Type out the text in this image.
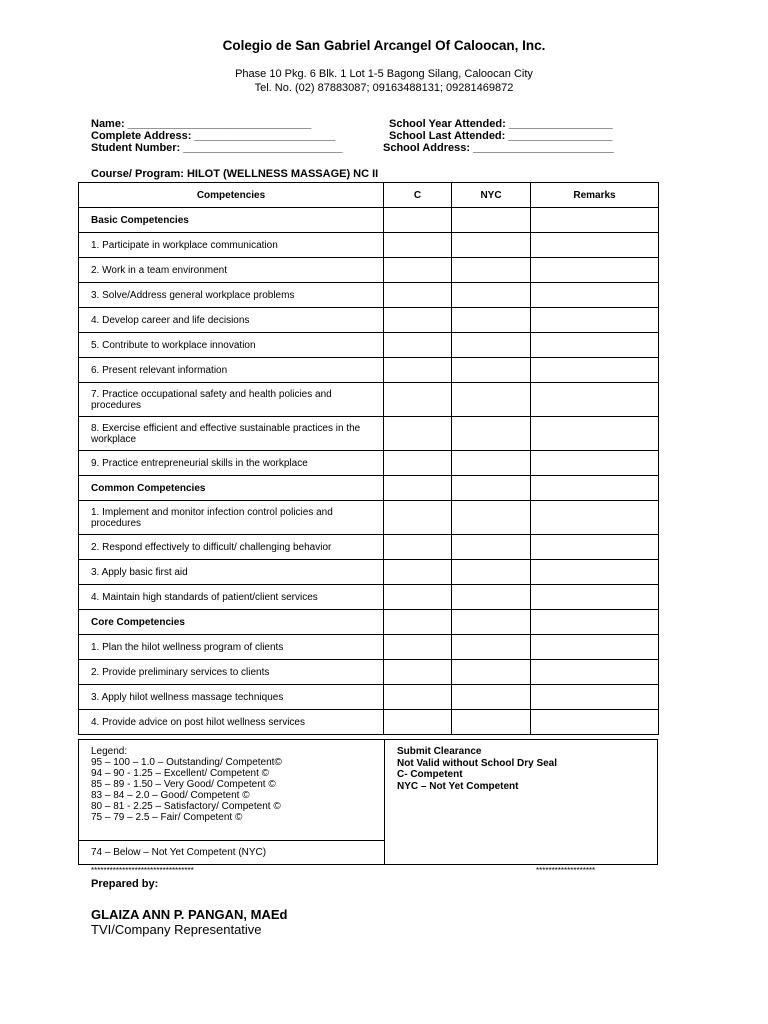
Colegio de San Gabriel Arcangel Of Caloocan, Inc.
Phase 10 Pkg. 6 Blk. 1 Lot 1-5 Bagong Silang, Caloocan City
Tel. No. (02) 87883087; 09163488131; 09281469872
Name: ______________________________
Complete Address: _______________________
Student Number: __________________________
School Year Attended: _________________
School Last Attended: _________________
School Address: _______________________
Course/ Program: HILOT (WELLNESS MASSAGE) NC II
Competencies	C	NYC	Remarks
Basic Competencies			
1. Participate in workplace communication			
2. Work in a team environment			
3. Solve/Address general workplace problems			
4. Develop career and life decisions			
5. Contribute to workplace innovation			
6. Present relevant information			
7. Practice occupational safety and health policies and procedures			
8. Exercise efficient and effective sustainable practices in the workplace			
9. Practice entrepreneurial skills in the workplace			
Common Competencies			
1. Implement and monitor infection control policies and procedures			
2. Respond effectively to difficult/ challenging behavior			
3. Apply basic first aid			
4. Maintain high standards of patient/client services			
Core Competencies			
1. Plan the hilot wellness program of clients			
2. Provide preliminary services to clients			
3. Apply hilot wellness massage techniques			
4. Provide advice on post hilot wellness services			
Legend:
95 – 100 – 1.0 – Outstanding/ Competent©
94 – 90 - 1.25 – Excellent/ Competent ©
85 – 89 - 1.50 – Very Good/ Competent ©
83 – 84 – 2.0 – Good/ Competent ©
80 – 81 - 2.25 – Satisfactory/ Competent ©
75 – 79 – 2.5 – Fair/ Competent ©
74 – Below – Not Yet Competent (NYC)
Submit Clearance
Not Valid without School Dry Seal
C- Competent
NYC – Not Yet Competent
*********************************	*******************
Prepared by:
GLAIZA ANN P. PANGAN, MAEd
TVI/Company Representative
